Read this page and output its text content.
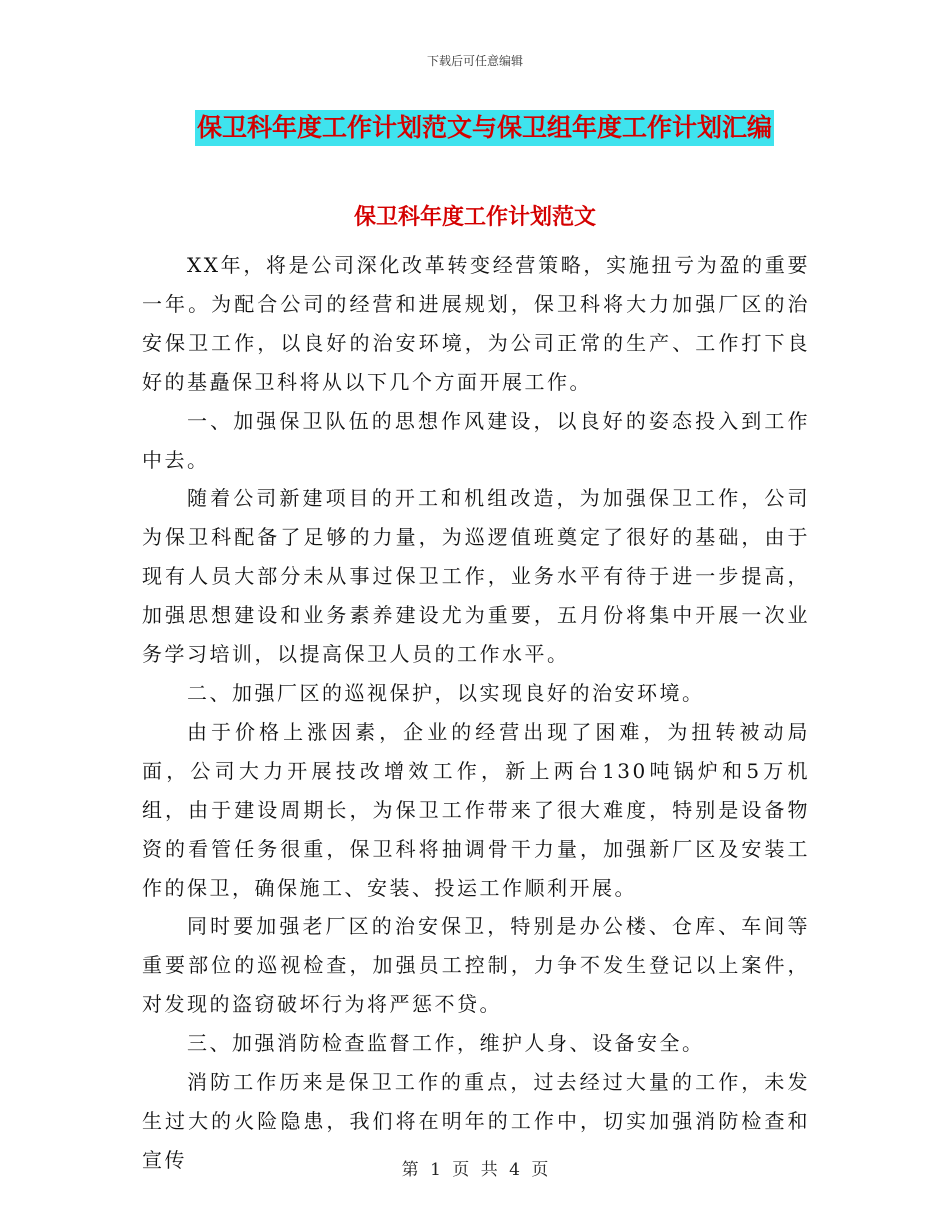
下载后可任意编辑
保卫科年度工作计划范文与保卫组年度工作计划汇编
保卫科年度工作计划范文

XX年，将是公司深化改革转变经营策略，实施扭亏为盈的重要一年。为配合公司的经营和进展规划，保卫科将大力加强厂区的治安保卫工作，以良好的治安环境，为公司正常的生产、工作打下良好的基矗保卫科将从以下几个方面开展工作。

一、加强保卫队伍的思想作风建设，以良好的姿态投入到工作中去。

随着公司新建项目的开工和机组改造，为加强保卫工作，公司为保卫科配备了足够的力量，为巡逻值班奠定了很好的基础，由于现有人员大部分未从事过保卫工作，业务水平有待于进一步提高，加强思想建设和业务素养建设尤为重要，五月份将集中开展一次业务学习培训，以提高保卫人员的工作水平。

二、加强厂区的巡视保护，以实现良好的治安环境。

由于价格上涨因素，企业的经营出现了困难，为扭转被动局面，公司大力开展技改增效工作，新上两台130吨锅炉和5万机组，由于建设周期长，为保卫工作带来了很大难度，特别是设备物资的看管任务很重，保卫科将抽调骨干力量，加强新厂区及安装工作的保卫，确保施工、安装、投运工作顺利开展。

同时要加强老厂区的治安保卫，特别是办公楼、仓库、车间等重要部位的巡视检查，加强员工控制，力争不发生登记以上案件，对发现的盗窃破坏行为将严惩不贷。

三、加强消防检查监督工作，维护人身、设备安全。

消防工作历来是保卫工作的重点，过去经过大量的工作，未发生过大的火险隐患，我们将在明年的工作中，切实加强消防检查和宣传	第 1 页 共 4 页
